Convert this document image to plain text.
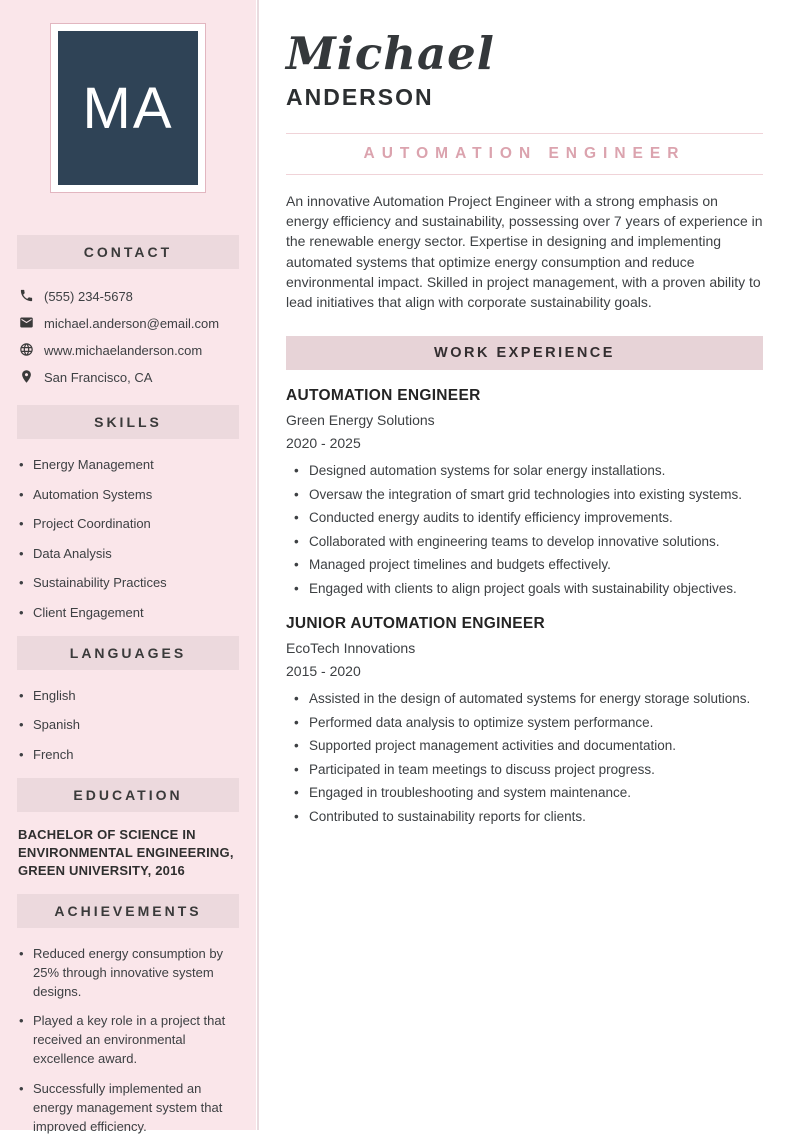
MA
CONTACT
(555) 234-5678
michael.anderson@email.com
www.michaelanderson.com
San Francisco, CA
SKILLS
• Energy Management
• Automation Systems
• Project Coordination
• Data Analysis
• Sustainability Practices
• Client Engagement
LANGUAGES
• English
• Spanish
• French
EDUCATION
BACHELOR OF SCIENCE IN ENVIRONMENTAL ENGINEERING, GREEN UNIVERSITY, 2016
ACHIEVEMENTS
• Reduced energy consumption by 25% through innovative system designs.
• Played a key role in a project that received an environmental excellence award.
• Successfully implemented an energy management system that improved efficiency.
Michael
ANDERSON
AUTOMATION ENGINEER

An innovative Automation Project Engineer with a strong emphasis on energy efficiency and sustainability, possessing over 7 years of experience in the renewable energy sector. Expertise in designing and implementing automated systems that optimize energy consumption and reduce environmental impact. Skilled in project management, with a proven ability to lead initiatives that align with corporate sustainability goals.

WORK EXPERIENCE
AUTOMATION ENGINEER
Green Energy Solutions
2020 - 2025
• Designed automation systems for solar energy installations.
• Oversaw the integration of smart grid technologies into existing systems.
• Conducted energy audits to identify efficiency improvements.
• Collaborated with engineering teams to develop innovative solutions.
• Managed project timelines and budgets effectively.
• Engaged with clients to align project goals with sustainability objectives.
JUNIOR AUTOMATION ENGINEER
EcoTech Innovations
2015 - 2020
• Assisted in the design of automated systems for energy storage solutions.
• Performed data analysis to optimize system performance.
• Supported project management activities and documentation.
• Participated in team meetings to discuss project progress.
• Engaged in troubleshooting and system maintenance.
• Contributed to sustainability reports for clients.
